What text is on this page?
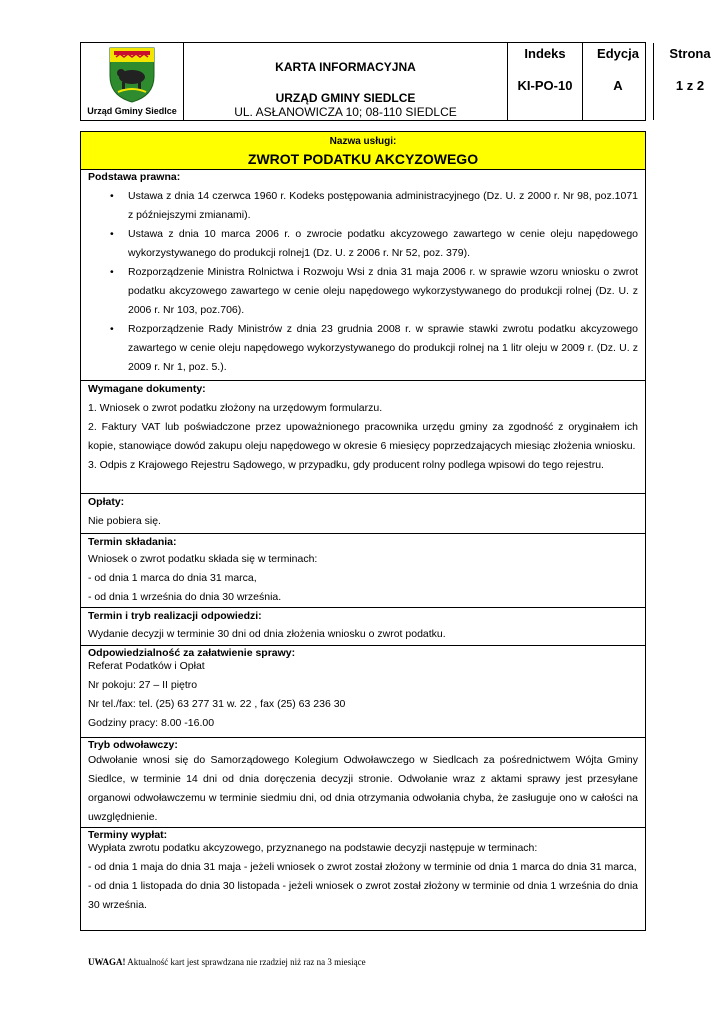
Urząd Gminy Siedlce
KARTA INFORMACYJNA
URZĄD GMINY SIEDLCE
UL. ASŁANOWICZA 10; 08-110 SIEDLCE
Indeks
KI-PO-10
Edycja
A
Strona
1 z 2
Nazwa usługi:
ZWROT PODATKU AKCYZOWEGO
Podstawa prawna:
• Ustawa z dnia 14 czerwca 1960 r. Kodeks postępowania administracyjnego (Dz. U. z 2000 r. Nr 98, poz.1071 z późniejszymi zmianami).
• Ustawa z dnia 10 marca 2006 r. o zwrocie podatku akcyzowego zawartego w cenie oleju napędowego wykorzystywanego do produkcji rolnej1 (Dz. U. z 2006 r. Nr 52, poz. 379).
• Rozporządzenie Ministra Rolnictwa i Rozwoju Wsi z dnia 31 maja 2006 r. w sprawie wzoru wniosku o zwrot podatku akcyzowego zawartego w cenie oleju napędowego wykorzystywanego do produkcji rolnej (Dz. U. z 2006 r. Nr 103, poz.706).
• Rozporządzenie Rady Ministrów z dnia 23 grudnia 2008 r. w sprawie stawki zwrotu podatku akcyzowego zawartego w cenie oleju napędowego wykorzystywanego do produkcji rolnej na 1 litr oleju w 2009 r. (Dz. U. z 2009 r. Nr 1, poz. 5.).
Wymagane dokumenty:

1. Wniosek o zwrot podatku złożony na urzędowym formularzu.

2. Faktury VAT lub poświadczone przez upoważnionego pracownika urzędu gminy za zgodność z oryginałem ich kopie, stanowiące dowód zakupu oleju napędowego w okresie 6 miesięcy poprzedzających miesiąc złożenia wniosku.

3. Odpis z Krajowego Rejestru Sądowego, w przypadku, gdy producent rolny podlega wpisowi do tego rejestru.

Opłaty:

Nie pobiera się.

Termin składania:

Wniosek o zwrot podatku składa się w terminach:

- od dnia 1 marca do dnia 31 marca,

- od dnia 1 września do dnia 30 września.

Termin i tryb realizacji odpowiedzi:

Wydanie decyzji w terminie 30 dni od dnia złożenia wniosku o zwrot podatku.

Odpowiedzialność za załatwienie sprawy:

Referat Podatków i Opłat

Nr pokoju: 27 – II piętro

Nr tel./fax: tel. (25) 63 277 31 w. 22 , fax (25) 63 236 30

Godziny pracy: 8.00 -16.00

Tryb odwoławczy:

Odwołanie wnosi się do Samorządowego Kolegium Odwoławczego w Siedlcach za pośrednictwem Wójta Gminy Siedlce, w terminie 14 dni od dnia doręczenia decyzji stronie. Odwołanie wraz z aktami sprawy jest przesyłane organowi odwoławczemu w terminie siedmiu dni, od dnia otrzymania odwołania chyba, że zasługuje ono w całości na uwzględnienie.

Terminy wypłat:

Wypłata zwrotu podatku akcyzowego, przyznanego na podstawie decyzji następuje w terminach:

- od dnia 1 maja do dnia 31 maja - jeżeli wniosek o zwrot został złożony w terminie od dnia 1 marca do dnia 31 marca,

- od dnia 1 listopada do dnia 30 listopada - jeżeli wniosek o zwrot został złożony w terminie od dnia 1 września do dnia 30 września.

UWAGA! Aktualność kart jest sprawdzana nie rzadziej niż raz na 3 miesiące
